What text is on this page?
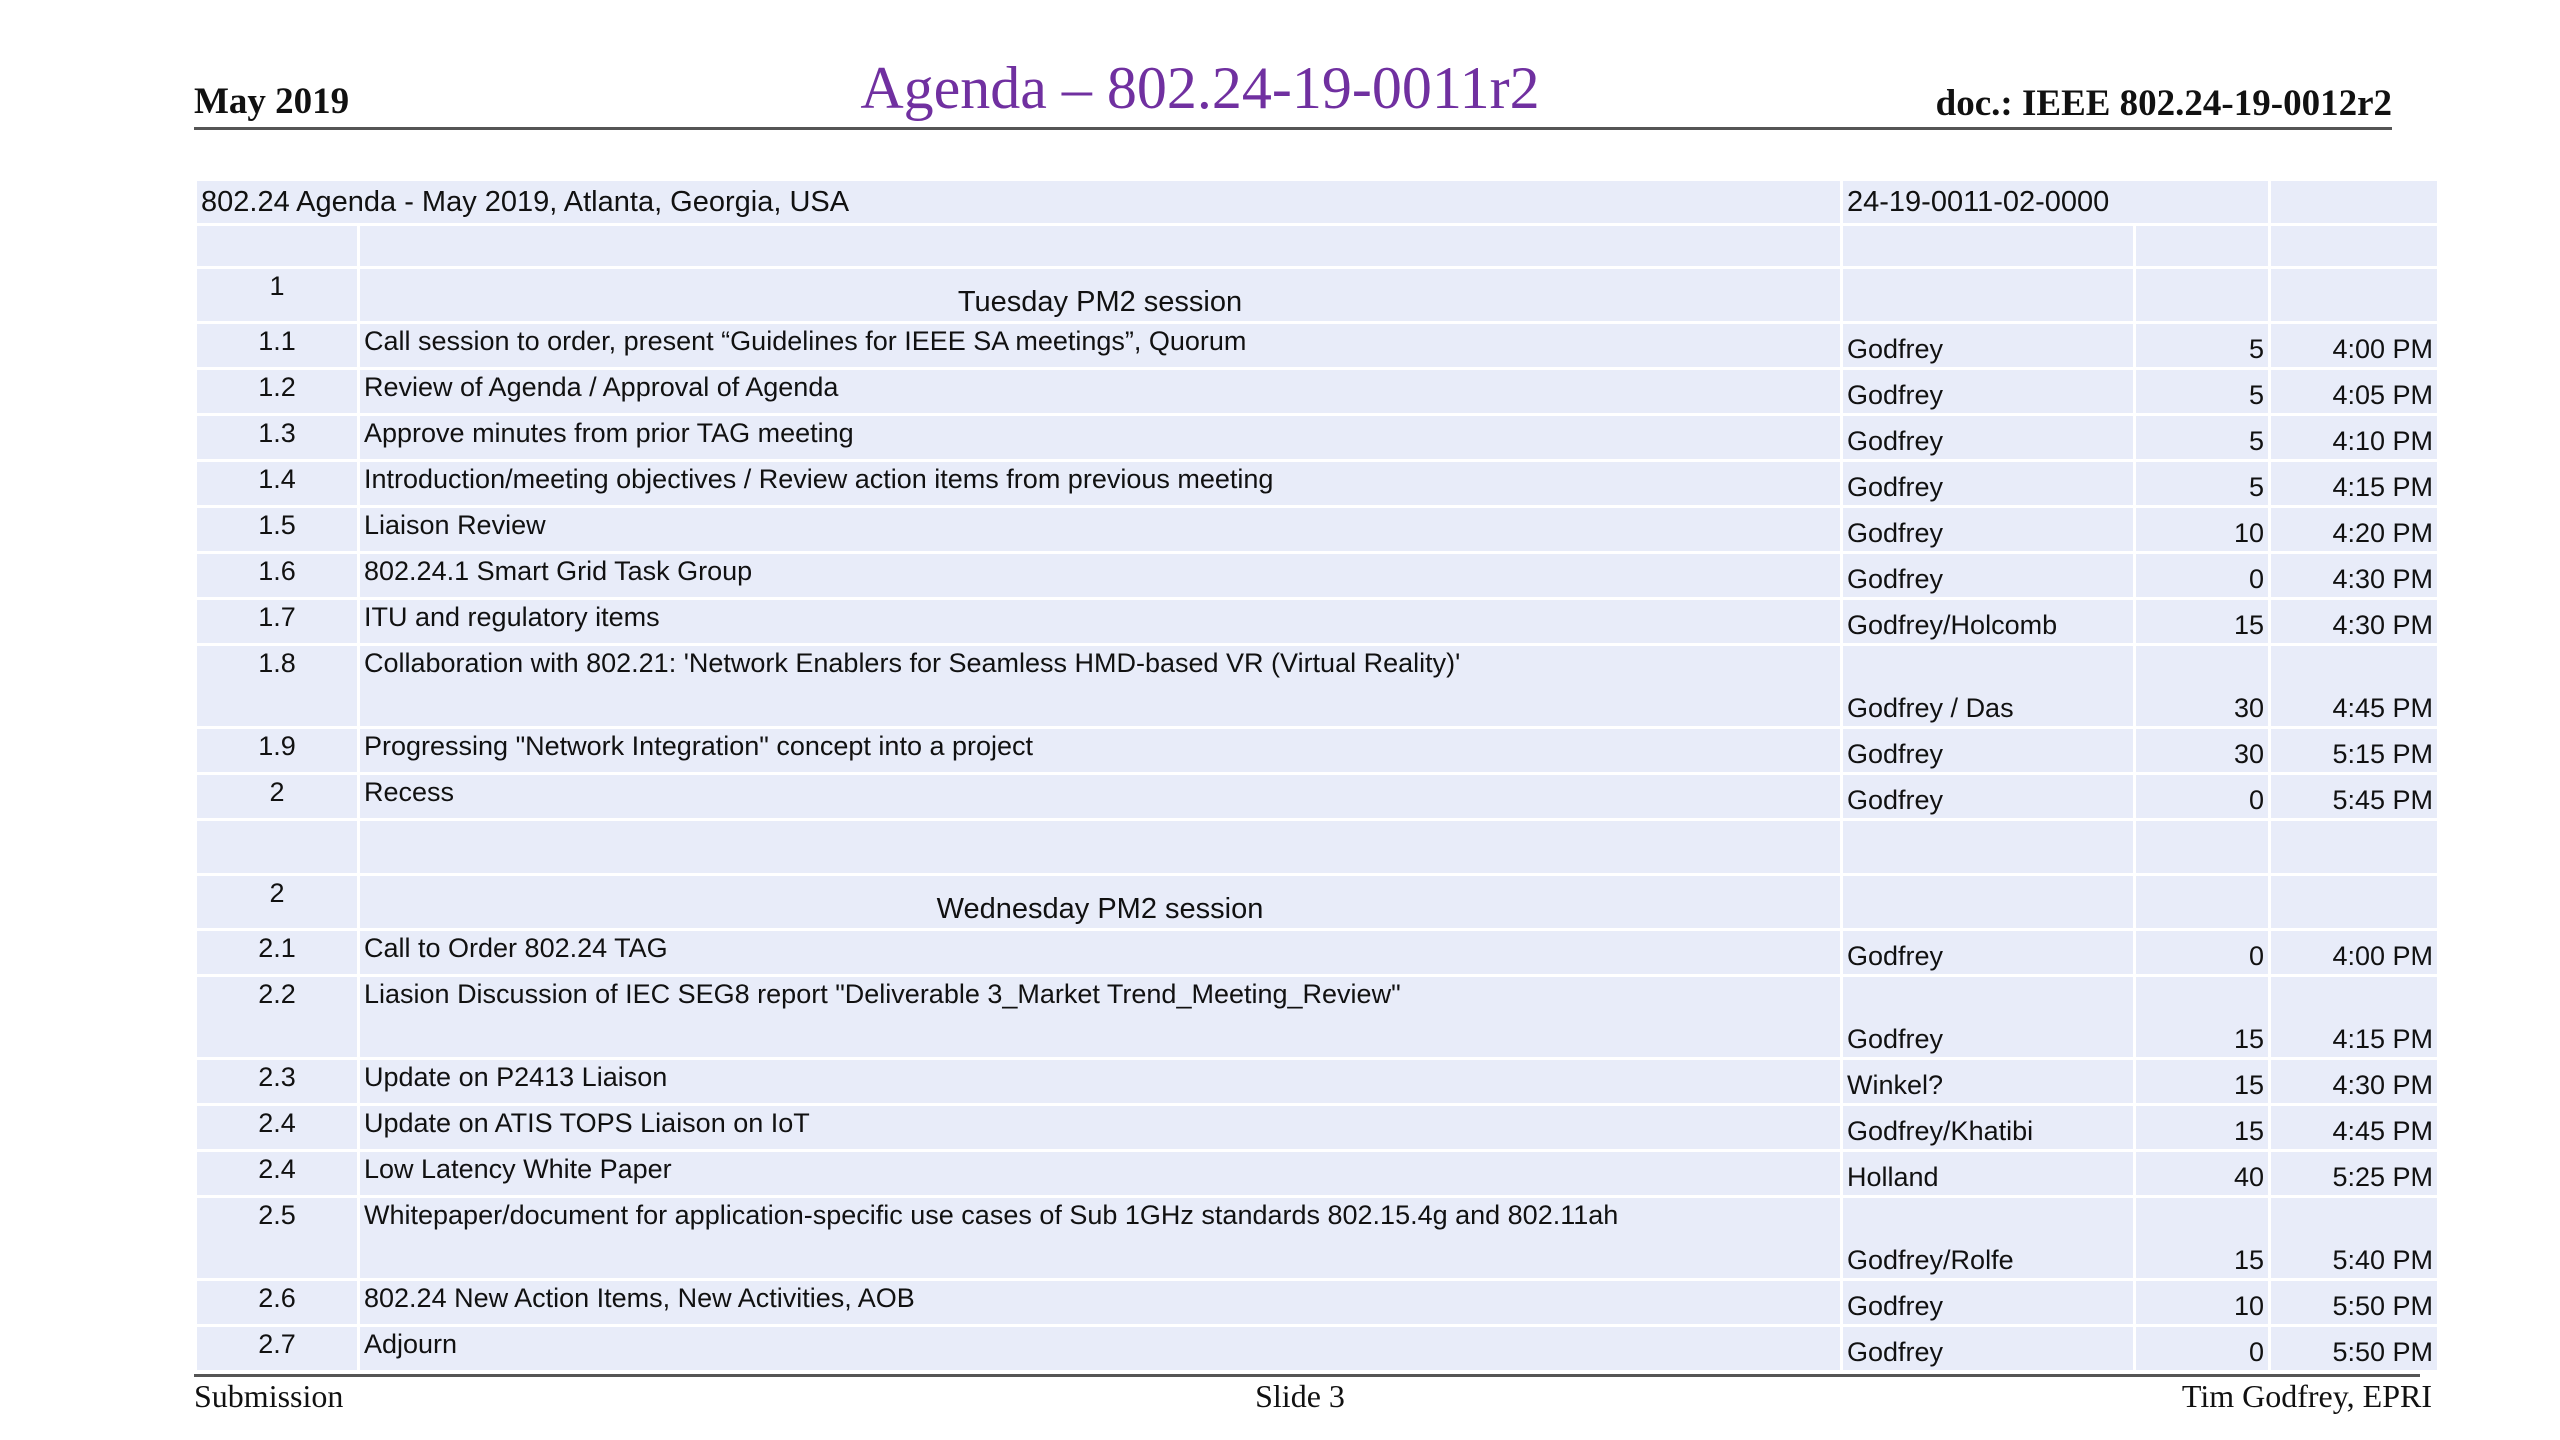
May 2019	Agenda – 802.24-19-0011r2	doc.: IEEE 802.24-19-0012r2
802.24 Agenda - May 2019, Atlanta, Georgia, USA		24-19-0011-02-0000		

1	Tuesday PM2 session			
1.1	Call session to order, present “Guidelines for IEEE SA meetings”, Quorum	Godfrey	5	4:00 PM
1.2	Review of Agenda / Approval of Agenda	Godfrey	5	4:05 PM
1.3	Approve minutes from prior TAG meeting	Godfrey	5	4:10 PM
1.4	Introduction/meeting objectives / Review action items from previous meeting	Godfrey	5	4:15 PM
1.5	Liaison Review	Godfrey	10	4:20 PM
1.6	802.24.1 Smart Grid Task Group	Godfrey	0	4:30 PM
1.7	ITU and regulatory items	Godfrey/Holcomb	15	4:30 PM
1.8	Collaboration with 802.21: 'Network Enablers for Seamless HMD-based VR (Virtual Reality)'	Godfrey / Das	30	4:45 PM
1.9	Progressing "Network Integration" concept into a project	Godfrey	30	5:15 PM
2	Recess	Godfrey	0	5:45 PM

2	Wednesday PM2 session			
2.1	Call to Order 802.24 TAG	Godfrey	0	4:00 PM
2.2	Liasion Discussion of IEC SEG8 report "Deliverable 3_Market Trend_Meeting_Review"	Godfrey	15	4:15 PM
2.3	Update on P2413 Liaison	Winkel?	15	4:30 PM
2.4	Update on ATIS TOPS Liaison on IoT	Godfrey/Khatibi	15	4:45 PM
2.4	Low Latency White Paper	Holland	40	5:25 PM
2.5	Whitepaper/document for application-specific use cases of Sub 1GHz standards 802.15.4g and 802.11ah	Godfrey/Rolfe	15	5:40 PM
2.6	802.24 New Action Items, New Activities, AOB	Godfrey	10	5:50 PM
2.7	Adjourn	Godfrey	0	5:50 PM
Submission	Slide 3	Tim Godfrey, EPRI
